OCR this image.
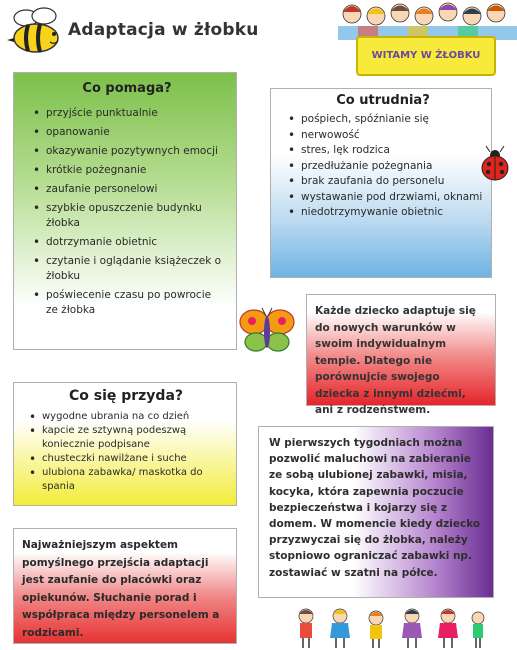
Adaptacja w żłobku
WITAMY W ŻŁOBKU
Co pomaga?
• przyjście punktualnie
• opanowanie
• okazywanie pozytywnych emocji
• krótkie pożegnanie
• zaufanie personelowi
• szybkie opuszczenie budynku żłobka
• dotrzymanie obietnic
• czytanie i oglądanie książeczek o żłobku
• poświecenie czasu po powrocie ze żłobka
Co utrudnia?
• pośpiech, spóźnianie się
• nerwowość
• stres, lęk rodzica
• przedłużanie pożegnania
• brak zaufania do personelu
• wystawanie pod drzwiami, oknami
• niedotrzymywanie obietnic

Każde dziecko adaptuje się do nowych warunków w swoim indywidualnym tempie. Dlatego nie porównujcie swojego dziecka z innymi dziećmi, ani z rodzeństwem.

Co się przyda?
• wygodne ubrania na co dzień
• kapcie ze sztywną podeszwą koniecznie podpisane
• chusteczki nawilżane i suche
• ulubiona zabawka/ maskotka do spania

W pierwszych tygodniach można pozwolić maluchowi na zabieranie ze sobą ulubionej zabawki, misia, kocyka, która zapewnia poczucie bezpieczeństwa i kojarzy się z domem. W momencie kiedy dziecko przyzwyczai się do żłobka, należy stopniowo ograniczać zabawki np. zostawiać w szatni na półce.

Najważniejszym aspektem pomyślnego przejścia adaptacji jest zaufanie do placówki oraz opiekunów. Słuchanie porad i współpraca między personelem a rodzicami.
